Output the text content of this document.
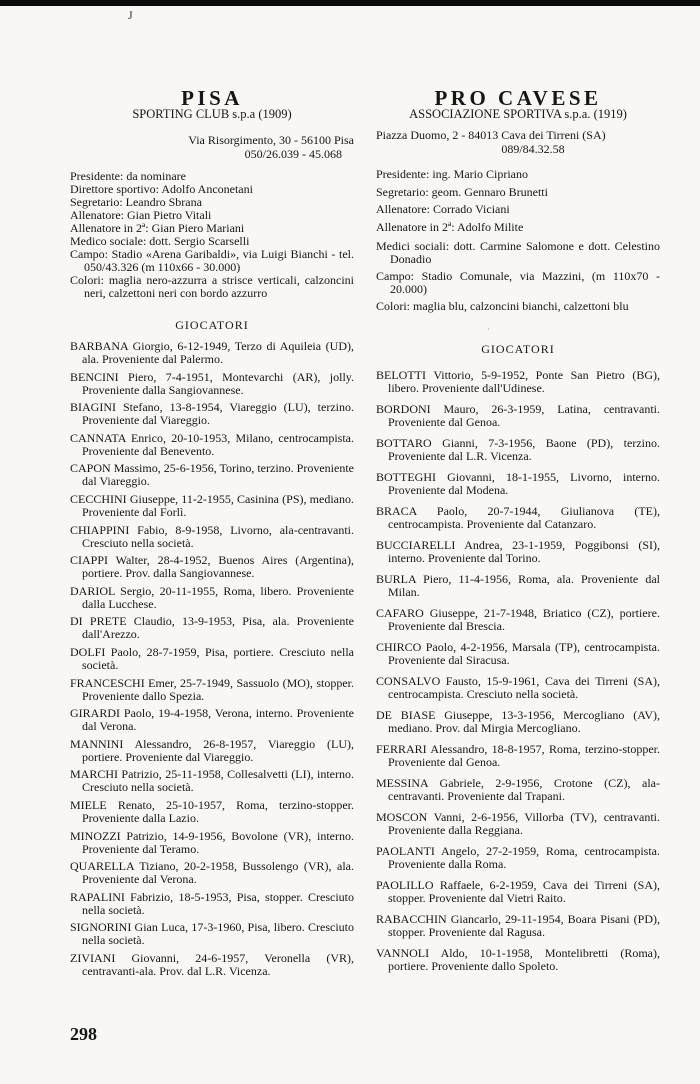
J
PISA
SPORTING CLUB s.p.a (1909)
Via Risorgimento, 30 - 56100 Pisa
050/26.039 - 45.068
Presidente: da nominare
Direttore sportivo: Adolfo Anconetani
Segretario: Leandro Sbrana
Allenatore: Gian Pietro Vitali
Allenatore in 2ª: Gian Piero Mariani
Medico sociale: dott. Sergio Scarselli
Campo: Stadio «Arena Garibaldi», via Luigi Bianchi - tel. 050/43.326 (m 110x66 - 30.000)
Colori: maglia nero-azzurra a strisce verticali, calzoncini neri, calzettoni neri con bordo azzurro
GIOCATORI
BARBANA Giorgio, 6-12-1949, Terzo di Aquileia (UD), ala. Proveniente dal Palermo.
BENCINI Piero, 7-4-1951, Montevarchi (AR), jolly. Proveniente dalla Sangiovannese.
BIAGINI Stefano, 13-8-1954, Viareggio (LU), terzino. Proveniente dal Viareggio.
CANNATA Enrico, 20-10-1953, Milano, centrocampista. Proveniente dal Benevento.
CAPON Massimo, 25-6-1956, Torino, terzino. Proveniente dal Viareggio.
CECCHINI Giuseppe, 11-2-1955, Casinina (PS), mediano. Proveniente dal Forlì.
CHIAPPINI Fabio, 8-9-1958, Livorno, ala-centravanti. Cresciuto nella società.
CIAPPI Walter, 28-4-1952, Buenos Aires (Argentina), portiere. Prov. dalla Sangiovannese.
DARIOL Sergio, 20-11-1955, Roma, libero. Proveniente dalla Lucchese.
DI PRETE Claudio, 13-9-1953, Pisa, ala. Proveniente dall'Arezzo.
DOLFI Paolo, 28-7-1959, Pisa, portiere. Cresciuto nella società.
FRANCESCHI Emer, 25-7-1949, Sassuolo (MO), stopper. Proveniente dallo Spezia.
GIRARDI Paolo, 19-4-1958, Verona, interno. Proveniente dal Verona.
MANNINI Alessandro, 26-8-1957, Viareggio (LU), portiere. Proveniente dal Viareggio.
MARCHI Patrizio, 25-11-1958, Collesalvetti (LI), interno. Cresciuto nella società.
MIELE Renato, 25-10-1957, Roma, terzino-stopper. Proveniente dalla Lazio.
MINOZZI Patrizio, 14-9-1956, Bovolone (VR), interno. Proveniente dal Teramo.
QUARELLA Tiziano, 20-2-1958, Bussolengo (VR), ala. Proveniente dal Verona.
RAPALINI Fabrizio, 18-5-1953, Pisa, stopper. Cresciuto nella società.
SIGNORINI Gian Luca, 17-3-1960, Pisa, libero. Cresciuto nella società.
ZIVIANI Giovanni, 24-6-1957, Veronella (VR), centravanti-ala. Prov. dal L.R. Vicenza.
PRO CAVESE
ASSOCIAZIONE SPORTIVA s.p.a. (1919)
Piazza Duomo, 2 - 84013 Cava dei Tirreni (SA)
089/84.32.58
Presidente: ing. Mario Cipriano
Segretario: geom. Gennaro Brunetti
Allenatore: Corrado Viciani
Allenatore in 2ª: Adolfo Milite
Medici sociali: dott. Carmine Salomone e dott. Celestino Donadio
Campo: Stadio Comunale, via Mazzini, (m 110x70 - 20.000)
Colori: maglia blu, calzoncini bianchi, calzettoni blu
GIOCATORI
BELOTTI Vittorio, 5-9-1952, Ponte San Pietro (BG), libero. Proveniente dall'Udinese.
BORDONI Mauro, 26-3-1959, Latina, centravanti. Proveniente dal Genoa.
BOTTARO Gianni, 7-3-1956, Baone (PD), terzino. Proveniente dal L.R. Vicenza.
BOTTEGHI Giovanni, 18-1-1955, Livorno, interno. Proveniente dal Modena.
BRACA Paolo, 20-7-1944, Giulianova (TE), centrocampista. Proveniente dal Catanzaro.
BUCCIARELLI Andrea, 23-1-1959, Poggibonsi (SI), interno. Proveniente dal Torino.
BURLA Piero, 11-4-1956, Roma, ala. Proveniente dal Milan.
CAFARO Giuseppe, 21-7-1948, Briatico (CZ), portiere. Proveniente dal Brescia.
CHIRCO Paolo, 4-2-1956, Marsala (TP), centrocampista. Proveniente dal Siracusa.
CONSALVO Fausto, 15-9-1961, Cava dei Tirreni (SA), centrocampista. Cresciuto nella società.
DE BIASE Giuseppe, 13-3-1956, Mercogliano (AV), mediano. Prov. dal Mirgia Mercogliano.
FERRARI Alessandro, 18-8-1957, Roma, terzino-stopper. Proveniente dal Genoa.
MESSINA Gabriele, 2-9-1956, Crotone (CZ), ala-centravanti. Proveniente dal Trapani.
MOSCON Vanni, 2-6-1956, Villorba (TV), centravanti. Proveniente dalla Reggiana.
PAOLANTI Angelo, 27-2-1959, Roma, centrocampista. Proveniente dalla Roma.
PAOLILLO Raffaele, 6-2-1959, Cava dei Tirreni (SA), stopper. Proveniente dal Vietri Raito.
RABACCHIN Giancarlo, 29-11-1954, Boara Pisani (PD), stopper. Proveniente dal Ragusa.
VANNOLI Aldo, 10-1-1958, Montelibretti (Roma), portiere. Proveniente dallo Spoleto.
·
298
